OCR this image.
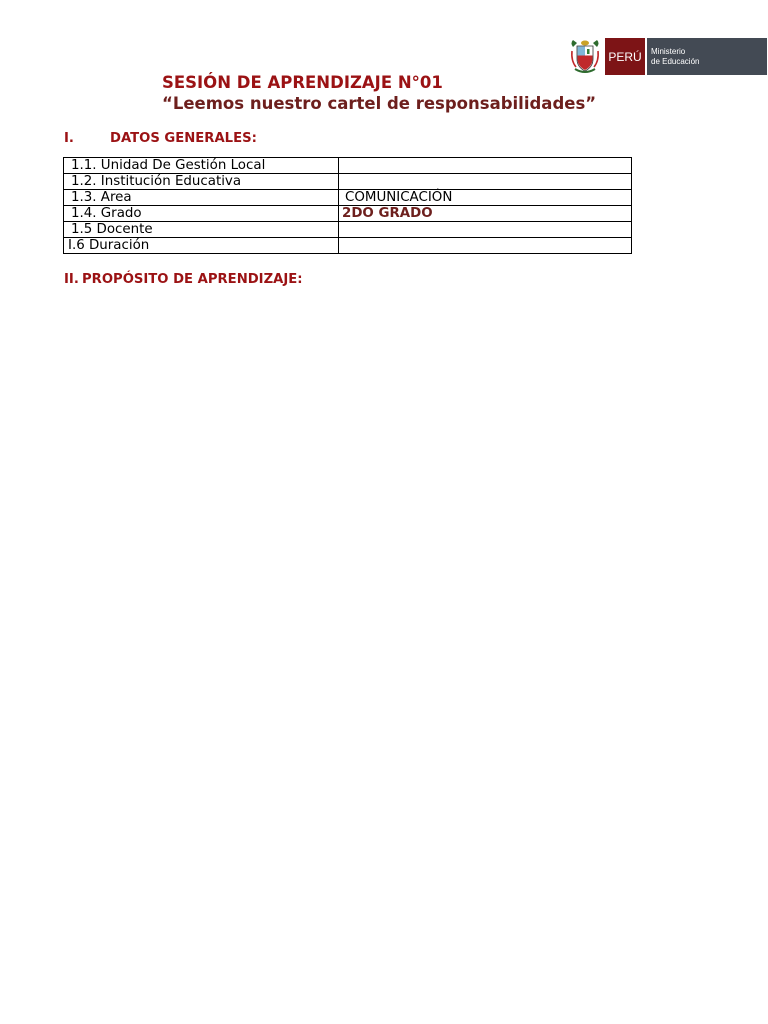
PERÚ Ministerio
de Educación
SESIÓN DE APRENDIZAJE N°01
“Leemos nuestro cartel de responsabilidades”
I.	DATOS GENERALES:
1.1. Unidad De Gestión Local	
1.2. Institución Educativa	
1.3. Area	COMUNICACIÓN
1.4. Grado	2DO GRADO
1.5 Docente	
I.6 Duración	
II. PROPÓSITO DE APRENDIZAJE:
